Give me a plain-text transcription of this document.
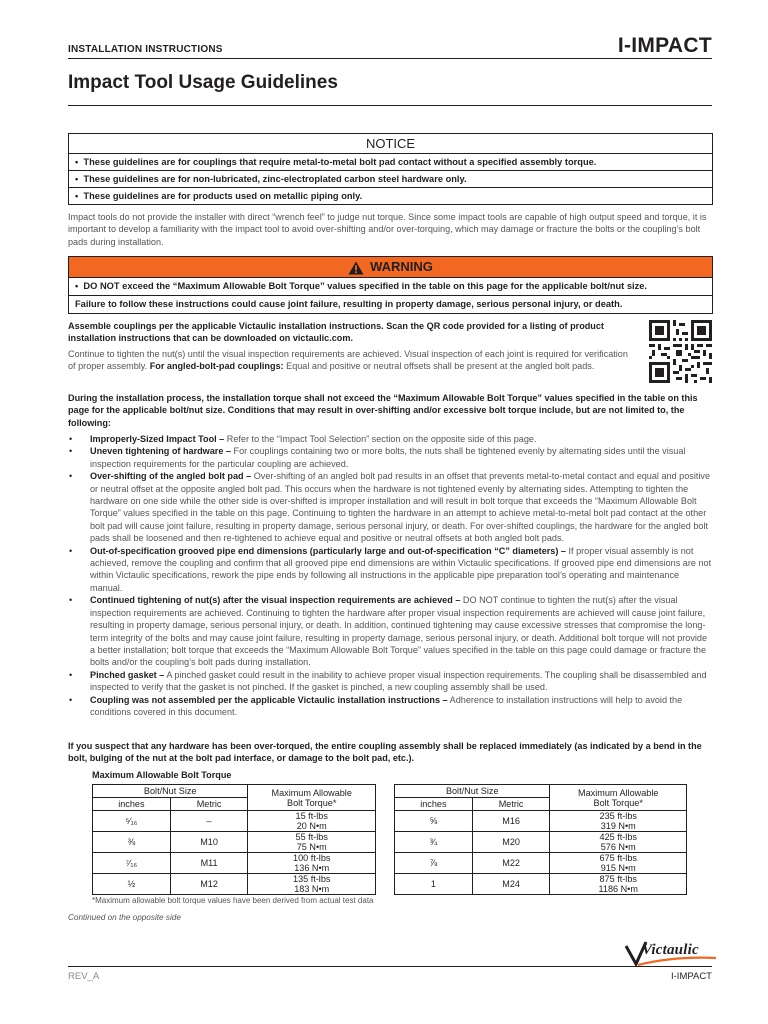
INSTALLATION INSTRUCTIONS	I-IMPACT
Impact Tool Usage Guidelines
NOTICE
•  These guidelines are for couplings that require metal-to-metal bolt pad contact without a specified assembly torque.
•  These guidelines are for non-lubricated, zinc-electroplated carbon steel hardware only.
•  These guidelines are for products used on metallic piping only.
Impact tools do not provide the installer with direct “wrench feel” to judge nut torque. Since some impact tools are capable of high output speed and torque, it is important to develop a familiarity with the impact tool to avoid over-shifting and/or over-torquing, which may damage or fracture the bolts or the coupling’s bolt pads during installation.
WARNING
•  DO NOT exceed the “Maximum Allowable Bolt Torque” values specified in the table on this page for the applicable bolt/nut size.
Failure to follow these instructions could cause joint failure, resulting in property damage, serious personal injury, or death.
Assemble couplings per the applicable Victaulic installation instructions. Scan the QR code provided for a listing of product installation instructions that can be downloaded on victaulic.com.
Continue to tighten the nut(s) until the visual inspection requirements are achieved. Visual inspection of each joint is required for verification of proper assembly. For angled-bolt-pad couplings: Equal and positive or neutral offsets shall be present at the angled bolt pads.
During the installation process, the installation torque shall not exceed the “Maximum Allowable Bolt Torque” values specified in the table on this page for the applicable bolt/nut size. Conditions that may result in over-shifting and/or excessive bolt torque include, but are not limited to, the following:
• Improperly-Sized Impact Tool – Refer to the “Impact Tool Selection” section on the opposite side of this page.
• Uneven tightening of hardware – For couplings containing two or more bolts, the nuts shall be tightened evenly by alternating sides until the visual inspection requirements for the particular coupling are achieved.
• Over-shifting of the angled bolt pad – Over-shifting of an angled bolt pad results in an offset that prevents metal-to-metal contact and equal and positive or neutral offset at the opposite angled bolt pad. This occurs when the hardware is not tightened evenly by alternating sides. Attempting to tighten the hardware on one side while the other side is over-shifted is improper installation and will result in bolt torque that exceeds the “Maximum Allowable Bolt Torque” values specified in the table on this page. Continuing to tighten the hardware in an attempt to achieve metal-to-metal bolt pad contact at the other bolt pad will cause joint failure, resulting in property damage, serious personal injury, or death. For over-shifted couplings, the hardware for the angled bolt pads shall be loosened and then re-tightened to achieve equal and positive or neutral offsets at both angled bolt pads.
• Out-of-specification grooved pipe end dimensions (particularly large and out-of-specification “C” diameters) – If proper visual assembly is not achieved, remove the coupling and confirm that all grooved pipe end dimensions are within Victaulic specifications. If grooved pipe end dimensions are not within Victaulic specifications, rework the pipe ends by following all instructions in the applicable pipe preparation tool’s operating and maintenance manual.
• Continued tightening of nut(s) after the visual inspection requirements are achieved – DO NOT continue to tighten the nut(s) after the visual inspection requirements are achieved. Continuing to tighten the hardware after proper visual inspection requirements are achieved will cause joint failure, resulting in property damage, serious personal injury, or death. In addition, continued tightening may cause excessive stresses that compromise the long-term integrity of the bolts and may cause joint failure, resulting in property damage, serious personal injury, or death. Additional bolt torque will not provide a better installation; bolt torque that exceeds the “Maximum Allowable Bolt Torque” values specified in the table on this page could damage or fracture the bolts and/or the coupling’s bolt pads during installation.
• Pinched gasket – A pinched gasket could result in the inability to achieve proper visual inspection requirements. The coupling shall be disassembled and inspected to verify that the gasket is not pinched. If the gasket is pinched, a new coupling assembly shall be used.
• Coupling was not assembled per the applicable Victaulic installation instructions – Adherence to installation instructions will help to avoid the conditions covered in this document.
If you suspect that any hardware has been over-torqued, the entire coupling assembly shall be replaced immediately (as indicated by a bend in the bolt, bulging of the nut at the bolt pad interface, or damage to the bolt pad, etc.).
Maximum Allowable Bolt Torque
Bolt/Nut Size		Maximum Allowable
Bolt Torque*
inches	Metric	
⁵⁄₁₆	–	15 ft-lbs
20 N•m
⅜	M10	55 ft-lbs
75 N•m
⁷⁄₁₆	M11	100 ft-lbs
136 N•m
½	M12	135 ft-lbs
183 N•m
Bolt/Nut Size		Maximum Allowable
Bolt Torque*
inches	Metric	
⅝	M16	235 ft-lbs
319 N•m
¾	M20	425 ft-lbs
576 N•m
⅞	M22	675 ft-lbs
915 N•m
1	M24	875 ft-lbs
1186 N•m
*Maximum allowable bolt torque values have been derived from actual test data
Continued on the opposite side
Victaulic
REV_A	I-IMPACT
